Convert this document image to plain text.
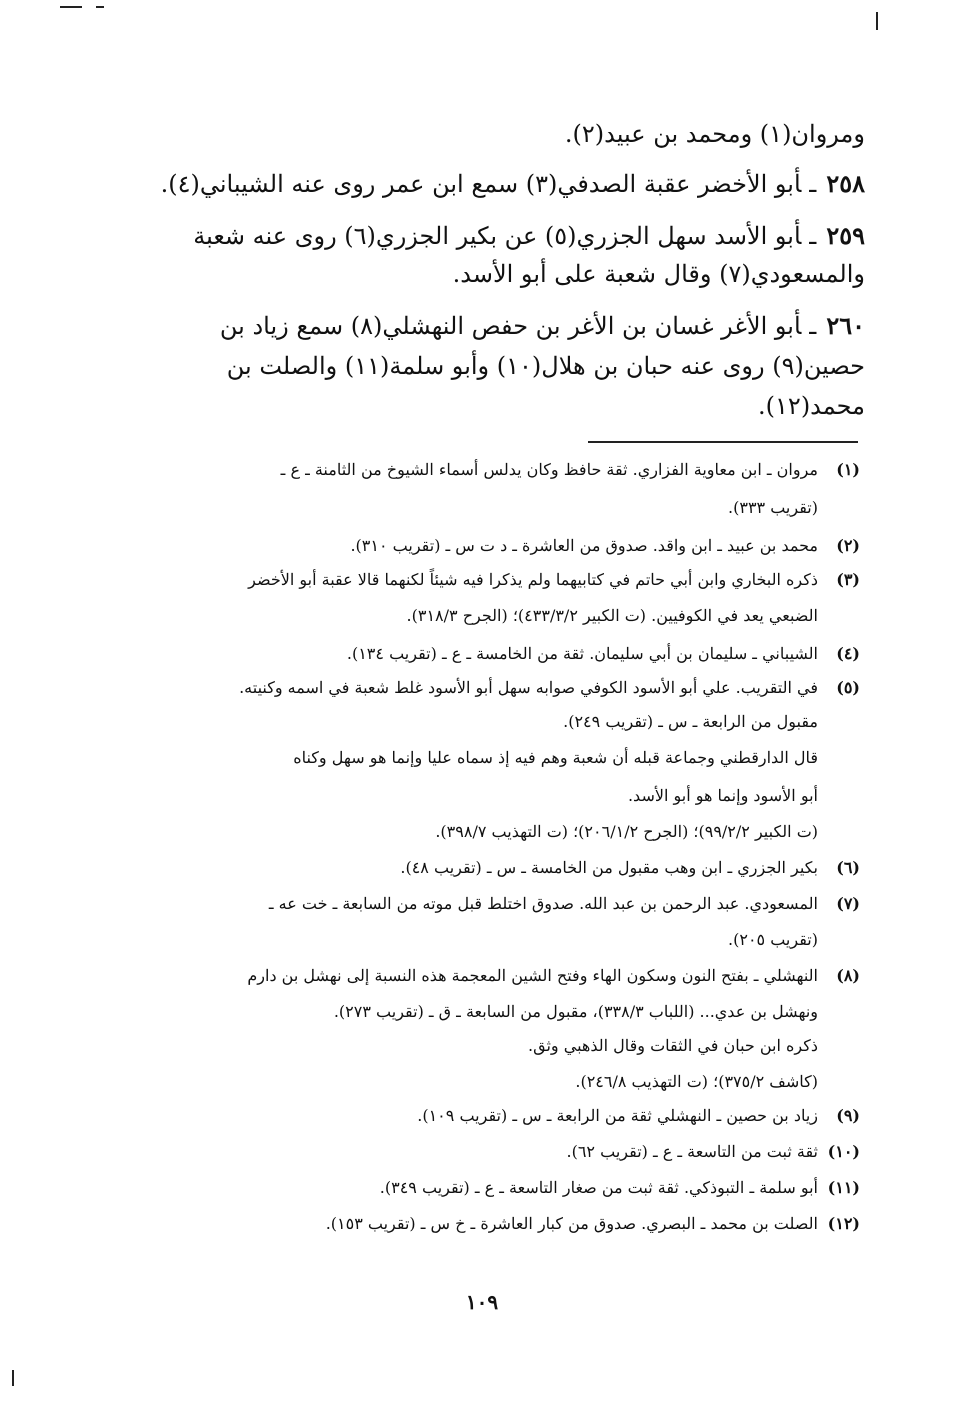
ومروان(١) ومحمد بن عبيد(٢).
٢٥٨ـأبو الأخضر عقبة الصدفي(٣) سمع ابن عمر روى عنه الشيباني(٤).
٢٥٩ـأبو الأسد سهل الجزري(٥) عن بكير الجزري(٦) روى عنه شعبة
والمسعودي(٧) وقال شعبة على أبو الأسد.
٢٦٠ـأبو الأغر غسان بن الأغر بن حفص النهشلي(٨) سمع زياد بن
حصين(٩) روى عنه حبان بن هلال(١٠) وأبو سلمة(١١) والصلت بن
محمد(١٢).
(١)مروان ـ ابن معاوية الفزاري. ثقة حافظ وكان يدلس أسماء الشيوخ من الثامنة ـ ع ـ
(تقريب ٣٣٣).
(٢)محمد بن عبيد ـ ابن واقد. صدوق من العاشرة ـ د ت س ـ (تقريب ٣١٠).
(٣)ذكره البخاري وابن أبي حاتم في كتابيهما ولم يذكرا فيه شيئاً لكنهما قالا عقبة أبو الأخضر
الضبعي يعد في الكوفيين. (ت الكبير ٤٣٣/٣/٢)؛ (الجرح ٣١٨/٣).
(٤)الشيباني ـ سليمان بن أبي سليمان. ثقة من الخامسة ـ ع ـ (تقريب ١٣٤).
(٥)في التقريب. علي أبو الأسود الكوفي صوابه سهل أبو الأسود غلط شعبة في اسمه وكنيته.
مقبول من الرابعة ـ س ـ (تقريب ٢٤٩).
قال الدارقطني وجماعة قبله أن شعبة وهم فيه إذ سماه عليا وإنما هو سهل وكناه
أبو الأسود وإنما هو أبو الأسد.
(ت الكبير ٩٩/٢/٢)؛ (الجرح ٢٠٦/١/٢)؛ (ت التهذيب ٣٩٨/٧).
(٦)بكير الجزري ـ ابن وهب مقبول من الخامسة ـ س ـ (تقريب ٤٨).
(٧)المسعودي. عبد الرحمن بن عبد الله. صدوق اختلط قبل موته من السابعة ـ خت عه ـ
(تقريب ٢٠٥).
(٨)النهشلي ـ بفتح النون وسكون الهاء وفتح الشين المعجمة هذه النسبة إلى نهشل بن دارم
ونهشل بن عدي... (اللباب ٣٣٨/٣)، مقبول من السابعة ـ ق ـ (تقريب ٢٧٣).
ذكره ابن حبان في الثقات وقال الذهبي وثق.
(كاشف ٣٧٥/٢)؛ (ت التهذيب ٢٤٦/٨).
(٩)زياد بن حصين ـ النهشلي ثقة من الرابعة ـ س ـ (تقريب ١٠٩).
(١٠)ثقة ثبت من التاسعة ـ ع ـ (تقريب ٦٢).
(١١)أبو سلمة ـ التبوذكي. ثقة ثبت من صغار التاسعة ـ ع ـ (تقريب ٣٤٩).
(١٢)الصلت بن محمد ـ البصري. صدوق من كبار العاشرة ـ خ س ـ (تقريب ١٥٣).
١٠٩
